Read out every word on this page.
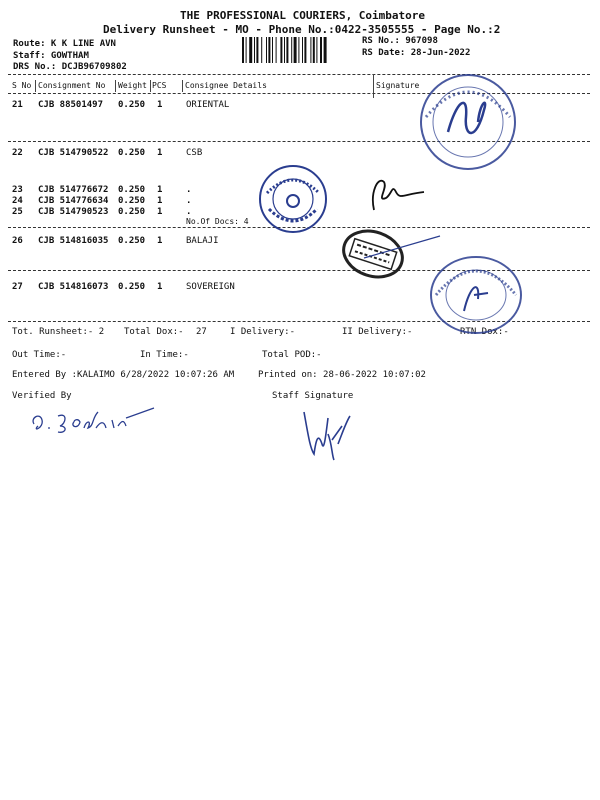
THE PROFESSIONAL COURIERS, Coimbatore
Delivery Runsheet - MO - Phone No.:0422-3505555 - Page No.:2
Route: K K LINE AVN
Staff: GOWTHAM
DRS No.: DCJB96709802
RS No.: 967098
RS Date: 28-Jun-2022
S No Consignment No Weight PCS Consignee Details	Signature
21 CJB 88501497 0.250 1	ORIENTAL
22 CJB 514790522 0.250 1	CSB
23 CJB 514776672 0.250 1	.
24 CJB 514776634 0.250 1	.
25 CJB 514790523 0.250 1	.
No.Of Docs: 4
26 CJB 514816035 0.250 1	BALAJI
27 CJB 514816073 0.250 1	SOVEREIGN
Tot. Runsheet:- 2 Total Dox:- 27	I Delivery:-	II Delivery:-	RTN Dox:-
Out Time:-	In Time:-	Total POD:-
Entered By :KALAIMO 6/28/2022 10:07:26 AM	Printed on: 28-06-2022 10:07:02
Verified By	Staff Signature
